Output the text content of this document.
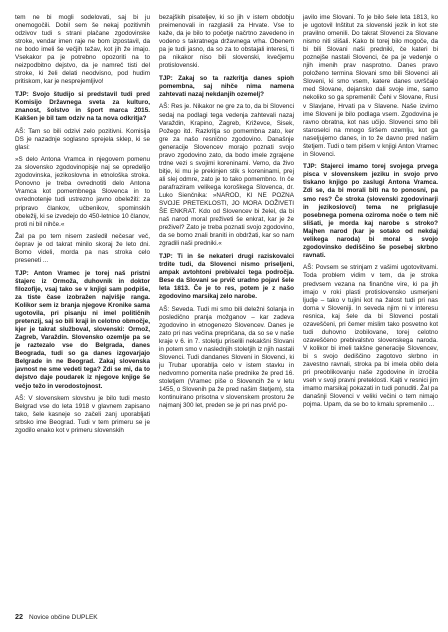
tem ne bi mogli sodelovati, saj bi ju onemogočili. Dobil sem še nekaj pozitivnih odzivov tudi s strani plačane zgodovinske stroke, vendar imen raje ne bom izpostavil, da ne bodo imeli še večjih težav, kot jih že imajo. Vsekakor pa je potrebno opozoriti na to neizpodbitno dejstvo, da je namreč tisti del stroke, ki želi delati neodvisno, pod hudim pritiskom, kar je nesprejemljivo!

TJP: Svojo študijo si predstavil tudi pred Komisijo Državnega sveta za kulturo, znanost, šolstvo in šport marca 2015. Kakšen je bil tam odziv na ta nova odkritja?

AŠ: Tam so bili odzivi zelo pozitivni. Komisija DS je nazadnje soglasno sprejela sklep, ki se glasi:

»S delo Antona Vramca in njegovem pomenu za slovensko zgodovinopisje naj se opredelijo zgodovinska, jezikoslovna in etnološka stroka. Ponovno je treba ovrednotiti delo Antona Vramca kot pomembnega Slovenca in to ovrednotenje tudi ustrezno javno obeležiti: za pripravo člankov, učbenikov, spominskih obeležij, ki se izvedejo do 450-letnice 10 članov, proti ni bil nihče.«

Žal pa po tem nisem zasledil nečesar več, čeprav je od takrat minilo skoraj že leto dni. Bomo videli, morda pa nas stroka celo preseneti ...

TJP: Anton Vramec je torej naš pristni štajerc iz Ormoža, duhovnik in doktor filozofije, vsaj tako se v knjigi sam podpiše, za tiste čase izobražen najvišje ranga. Kolikor sem iz branja njegove Kronike sama ugotovila, pri pisanju ni imel političnih pretenzij, saj so bili kraji in celotno območje, kjer je takrat služboval, slovenski: Ormož, Zagreb, Varaždin. Slovensko ozemlje pa se je raztezalo vse do Belgrada, danes Beograda, tudi so ga danes izgovarjajo Belgrade in ne Beograd. Zakaj slovenska javnost ne sme vedeti tega? Zdi se mi, da to dejstvo daje poudarek iz njegove knjige še večjo težo in verodostojnost.

AŠ: V slovenskem slovstvu je bilo tudi mesto Belgrad vse do leta 1918 v glavnem zapisano tako, šele kasneje so začeli zanj uporabljati srbsko ime Beograd. Tudi v tem primeru se je zgodilo enako kot v primeru slovenskih

bezajških pisateljev, ki so jih v istem obdobju preimenovali in razglasili za Hrvate. Vse to kaže, da je bilo to početje načrtno zavedeno in vodeno s takratnega državnega vrha. Obenem pa je tudi jasno, da so za to obstajali interesi, ti pa nikakor niso bili slovenski, kvečjemu protislovenski.

TJP: Zakaj so ta razkritja danes spioh pomembna, saj nihče nima namena zahtevati nazaj nekdanjih ozemelj?

AŠ: Res je. Nikakor ne gre za to, da bi Slovenci sedaj na podlagi tega vedenja zahtevali nazaj Varaždin, Krapino, Zagreb, Križevce, Sisek, Požego itd. Razkritja so pomembna zato, ker gre za našo resnično zgodovino. Današnje generacije Slovencev morajo poznati svojo pravo zgodovino zato, da bodo imele zgrajene trdne vezi s svojimi koreninami. Vemo, da živo bitje, ki mu je prekinjen stik s koreninami, prej ali slej odmre, zato je to tako pomembno. In če parafraziram velikega koroškega Slovenca, dr. Luko Sienčnika: »NAROD, KI NE POZNA SVOJE PRETEKLOSTI, JO MORA DOŽIVETI ŠE ENKRAT. Kdo od Slovencev bi želel, da bi naš narod moral preživeti še enkrat, kar je že preživel? Zato je treba poznati svojo zgodovino, da se bomo znali braniti in obdržati, kar so nam zgradili naši predniki.«

TJP: Ti in še nekateri drugi raziskovalci trdite tudi, da Slovenci nismo priseljeni, ampak avtohtoni prebivalci tega področja. Bese da Slovani se prvič uradno pojavi šele leta 1813. Če je to res, potem je z našo zgodovino marsikaj zelo narobe.

AŠ: Seveda. Tudi mi smo bili deležni šolanja in posledično pranja možganov – kar zadeva zgodovino in etnogenezo Slovencev. Danes je zato pri nas večina prepričana, da so se v naše kraje v 6. in 7. stoletju priselili nekakšni Slovani in potem smo v naslednjih stoletjih iz njih nastali Slovenci. Tudi dandanes Sloveni in Slovenci, ki ju Trubar uporablja celo v istem stavku in nedvomno pomenita naše prednike že pred 16. stoletjem (Vramec piše o Slovencih že v letu 1455, o Slovenih pa že pred našim štetjem), sta kontinuirano prisotna v slovenskem prostoru že najmanj 300 let, preden se je pri nas prvič po-

javilo ime Slovani. To je bilo šele leta 1813, ko je ugotovil Inštitut za slovenski jezik in kot ste pravilno omenili. Do takrat Slovenci za Slovane nismo niti slišali. Kako bi torej bilo mogoče, da bi bili Slovani naši predniki, če kateri bi poznejše nastali Slovenci, če pa je vedenje o njih imenih prav nasprotno. Danes pravo položeno termina Slovani smo bili Slovenci ali Sloveni, ki smo vsem, katere danes uvrščajo med Slovane, dejansko dali svoje ime, samo nekoliko so ga spremenili: Čehi v Slovane, Rusi v Slavjane, Hrvati pa v Slavene. Naše izvirno ime Sloveni je bilo podlaga vsem. Zgodovina je ravno obratna, kot nas učijo. Slovenci smo bili staroselci na mnogo širšem ozemlju, kot ga naseljujemo danes, in to že davno pred našim štetjem. Tudi o tem pišem v knjigi Anton Vramec in Slovenci.

TJP: Stajerci imamo torej svojega prvega pisca v slovenskem jeziku in svojo prvo tiskano knjigo po zaslugi Antona Vramca. Zdi se, da bi morali biti na to ponosni, pa smo res? Če stroka (slovenski zgodovinarji in jezikoslovci) tema ne priglasuje posebnega pomena oziroma noče o tem nič slišati, je morda kaj narobe s stroko? Majhen narod (kar je sotako od nekdaj velikega naroda) bi moral s svojo zgodovinsko dediščino še posebej skrbno ravnati.

AŠ: Povsem se strinjam z vašimi ugotovitvami. Toda problem vidim v tem, da je stroka predvsem vezana na finančne vire, ki pa jih imajo v roki plasti protislovensko usmerjeni ljudje – tako v tujini kot na žalost tudi pri nas doma v Sloveniji. In seveda njim ni v interesu resnica, kaj šele da bi Slovenci postali ozaveščeni, pri čemer mislim tako posvetno kot tudi duhovno izobilovane, torej celotno ozaveščeno prebivalstvo slovenskega naroda. V kolikor bi imeli takšne generacije Slovencev, bi s svojo dediščino zagotovo skrbno in zavestno ravnali, stroka pa bi imela obilo dela pri preoblikovanju naše zgodovine in izročila vseh v svoji pravni preteklosti. Kajti v resnici jim imamo marsikaj pokazati in tudi ponuditi. Žal pa današnji Slovenci v veliki večini o tem nimajo pojma. Upam, da se bo to kmalu spremenilo ...

22 Novice občine DUPLEK
